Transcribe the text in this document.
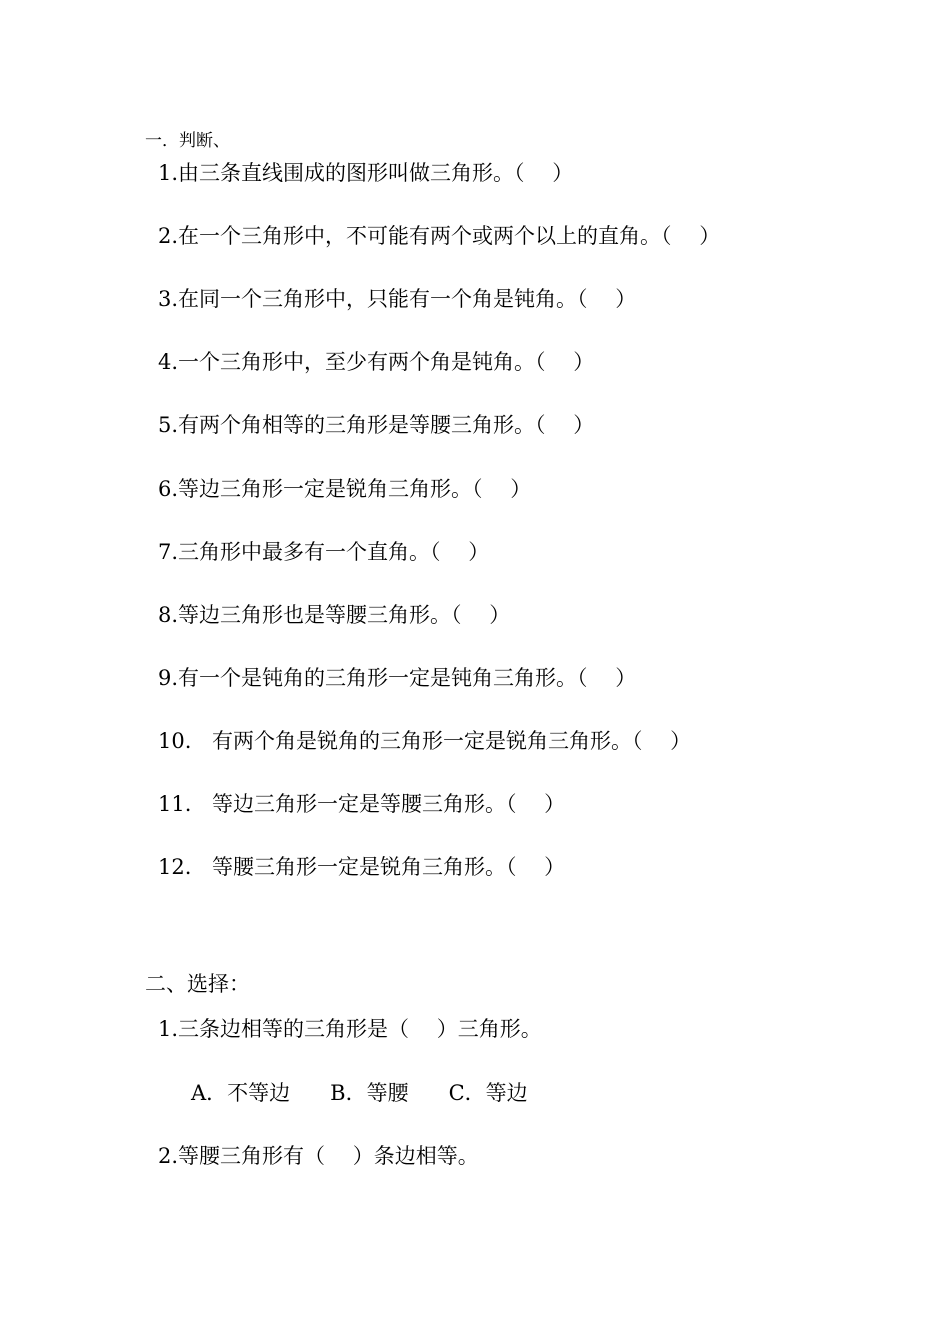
一．判断、
1.由三条直线围成的图形叫做三角形。（　 ）
2.在一个三角形中，不可能有两个或两个以上的直角。（　 ）
3.在同一个三角形中，只能有一个角是钝角。（　 ）
4.一个三角形中，至少有两个角是钝角。（　 ）
5.有两个角相等的三角形是等腰三角形。（　 ）
6.等边三角形一定是锐角三角形。（　 ）
7.三角形中最多有一个直角。（　 ）
8.等边三角形也是等腰三角形。（　 ）
9.有一个是钝角的三角形一定是钝角三角形。（　 ）
10. 有两个角是锐角的三角形一定是锐角三角形。（　 ）
11. 等边三角形一定是等腰三角形。（　 ）
12. 等腰三角形一定是锐角三角形。（　 ）
二、选择：
1.三条边相等的三角形是（　 ）三角形。
A．不等边 B．等腰 C．等边
2.等腰三角形有（　 ）条边相等。
